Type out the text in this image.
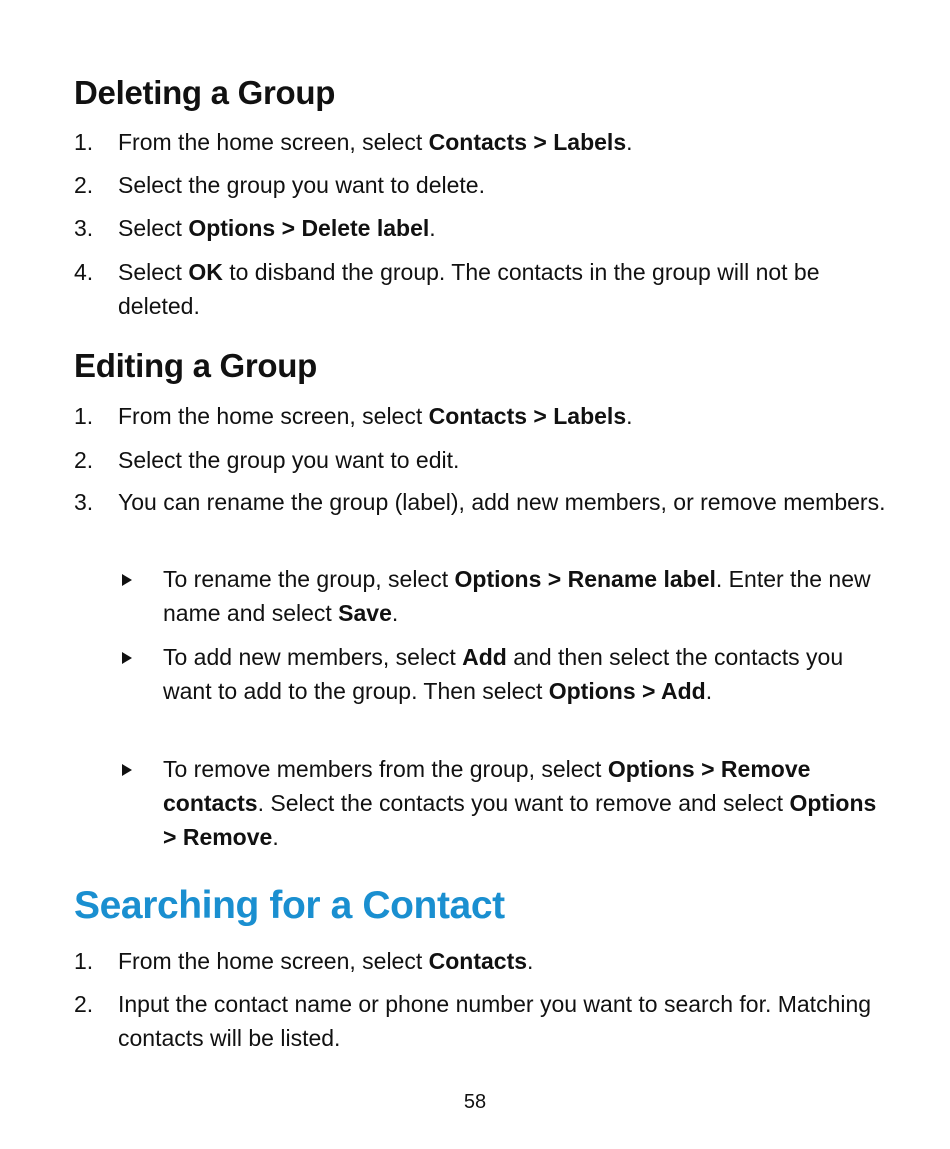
Deleting a Group
1.	From the home screen, select Contacts > Labels.
2.	Select the group you want to delete.
3.	Select Options > Delete label.
4.	Select OK to disband the group. The contacts in the group will not be deleted.
Editing a Group
1.	From the home screen, select Contacts > Labels.
2.	Select the group you want to edit.
3.	You can rename the group (label), add new members, or remove members.
To rename the group, select Options > Rename label. Enter the new name and select Save.
To add new members, select Add and then select the contacts you want to add to the group. Then select Options > Add.
To remove members from the group, select Options > Remove contacts. Select the contacts you want to remove and select Options > Remove.
Searching for a Contact
1.	From the home screen, select Contacts.
2.	Input the contact name or phone number you want to search for. Matching contacts will be listed.
58
